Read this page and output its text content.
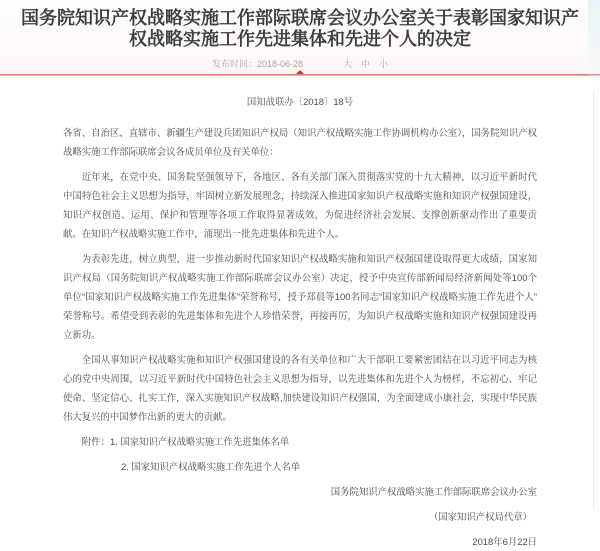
国务院知识产权战略实施工作部际联席会议办公室关于表彰国家知识产权战略实施工作先进集体和先进个人的决定
发布时间：2018-06-28	大 中 小

国知战联办〔2018〕18号

各省、自治区、直辖市、新疆生产建设兵团知识产权局（知识产权战略实施工作协调机构办公室），国务院知识产权战略实施工作部际联席会议各成员单位及有关单位：

近年来，在党中央、国务院坚强领导下，各地区、各有关部门深入贯彻落实党的十九大精神，以习近平新时代中国特色社会主义思想为指导，牢固树立新发展理念，持续深入推进国家知识产权战略实施和知识产权强国建设，知识产权创造、运用、保护和管理等各项工作取得显著成效，为促进经济社会发展、支撑创新驱动作出了重要贡献。在知识产权战略实施工作中，涌现出一批先进集体和先进个人。

为表彰先进，树立典型，进一步推动新时代国家知识产权战略实施和知识产权强国建设取得更大成绩，国家知识产权局（国务院知识产权战略实施工作部际联席会议办公室）决定，授予中央宣传部新闻局经济新闻处等100个单位“国家知识产权战略实施工作先进集体”荣誉称号，授予郑晨等100名同志“国家知识产权战略实施工作先进个人”荣誉称号。希望受到表彰的先进集体和先进个人珍惜荣誉，再接再厉，为知识产权战略实施和知识产权强国建设再立新功。

全国从事知识产权战略实施和知识产权强国建设的各有关单位和广大干部职工要紧密团结在以习近平同志为核心的党中央周围，以习近平新时代中国特色社会主义思想为指导，以先进集体和先进个人为榜样，不忘初心、牢记使命、坚定信心、扎实工作，深入实施知识产权战略,加快建设知识产权强国，为全面建成小康社会，实现中华民族伟大复兴的中国梦作出新的更大的贡献。

附件：1. 国家知识产权战略实施工作先进集体名单

2. 国家知识产权战略实施工作先进个人名单

国务院知识产权战略实施工作部际联席会议办公室

（国家知识产权局代章）

2018年6月22日
